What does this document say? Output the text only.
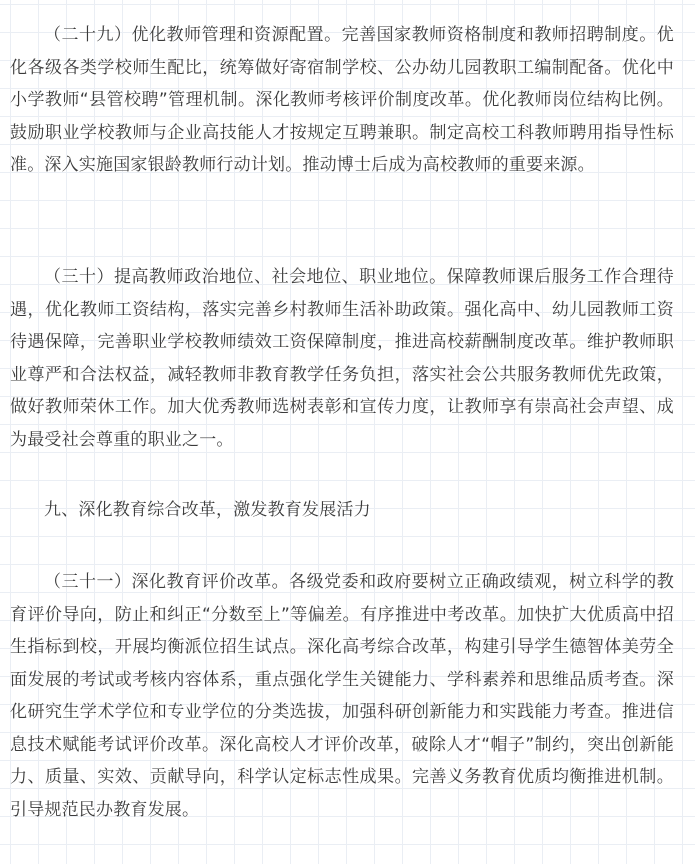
（二十九）优化教师管理和资源配置。完善国家教师资格制度和教师招聘制度。优化各级各类学校师生配比，统筹做好寄宿制学校、公办幼儿园教职工编制配备。优化中小学教师“县管校聘”管理机制。深化教师考核评价制度改革。优化教师岗位结构比例。鼓励职业学校教师与企业高技能人才按规定互聘兼职。制定高校工科教师聘用指导性标准。深入实施国家银龄教师行动计划。推动博士后成为高校教师的重要来源。

（三十）提高教师政治地位、社会地位、职业地位。保障教师课后服务工作合理待遇，优化教师工资结构，落实完善乡村教师生活补助政策。强化高中、幼儿园教师工资待遇保障，完善职业学校教师绩效工资保障制度，推进高校薪酬制度改革。维护教师职业尊严和合法权益，减轻教师非教育教学任务负担，落实社会公共服务教师优先政策，做好教师荣休工作。加大优秀教师选树表彰和宣传力度，让教师享有崇高社会声望、成为最受社会尊重的职业之一。

九、深化教育综合改革，激发教育发展活力

（三十一）深化教育评价改革。各级党委和政府要树立正确政绩观，树立科学的教育评价导向，防止和纠正“分数至上”等偏差。有序推进中考改革。加快扩大优质高中招生指标到校，开展均衡派位招生试点。深化高考综合改革，构建引导学生德智体美劳全面发展的考试或考核内容体系，重点强化学生关键能力、学科素养和思维品质考查。深化研究生学术学位和专业学位的分类选拔，加强科研创新能力和实践能力考查。推进信息技术赋能考试评价改革。深化高校人才评价改革，破除人才“帽子”制约，突出创新能力、质量、实效、贡献导向，科学认定标志性成果。完善义务教育优质均衡推进机制。引导规范民办教育发展。
